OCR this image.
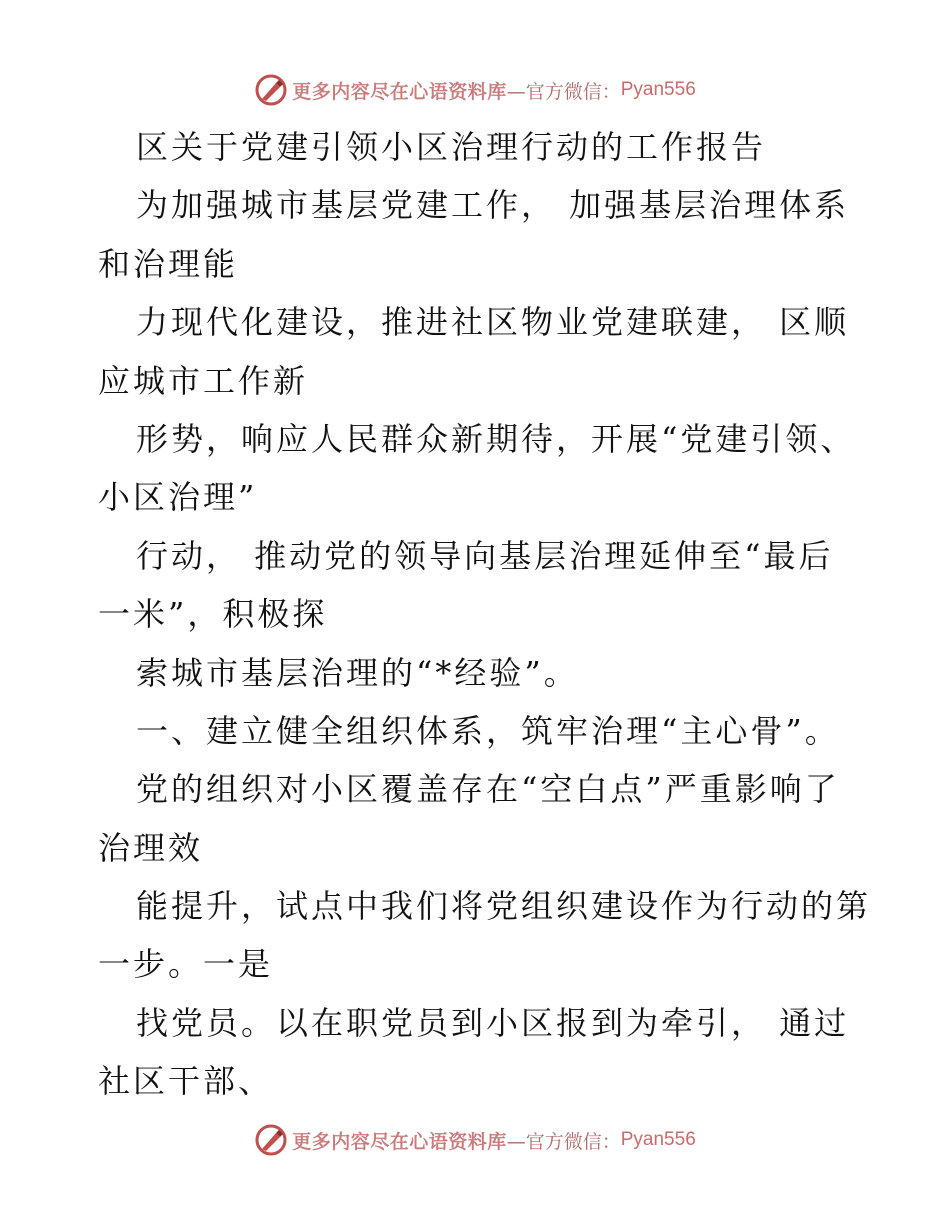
更多内容尽在心语资料库 —官方微信： Pyan556
区关于党建引领小区治理行动的工作报告
为加强城市基层党建工作， 加强基层治理体系
和治理能
力现代化建设，推进社区物业党建联建， 区顺
应城市工作新
形势，响应人民群众新期待，开展“党建引领、
小区治理”
行动， 推动党的领导向基层治理延伸至“最后
一米”，积极探
索城市基层治理的“*经验”。
一、建立健全组织体系，筑牢治理“主心骨”。
党的组织对小区覆盖存在“空白点”严重影响了
治理效
能提升，试点中我们将党组织建设作为行动的第
一步。一是
找党员。以在职党员到小区报到为牵引， 通过
社区干部、
更多内容尽在心语资料库 —官方微信： Pyan556
